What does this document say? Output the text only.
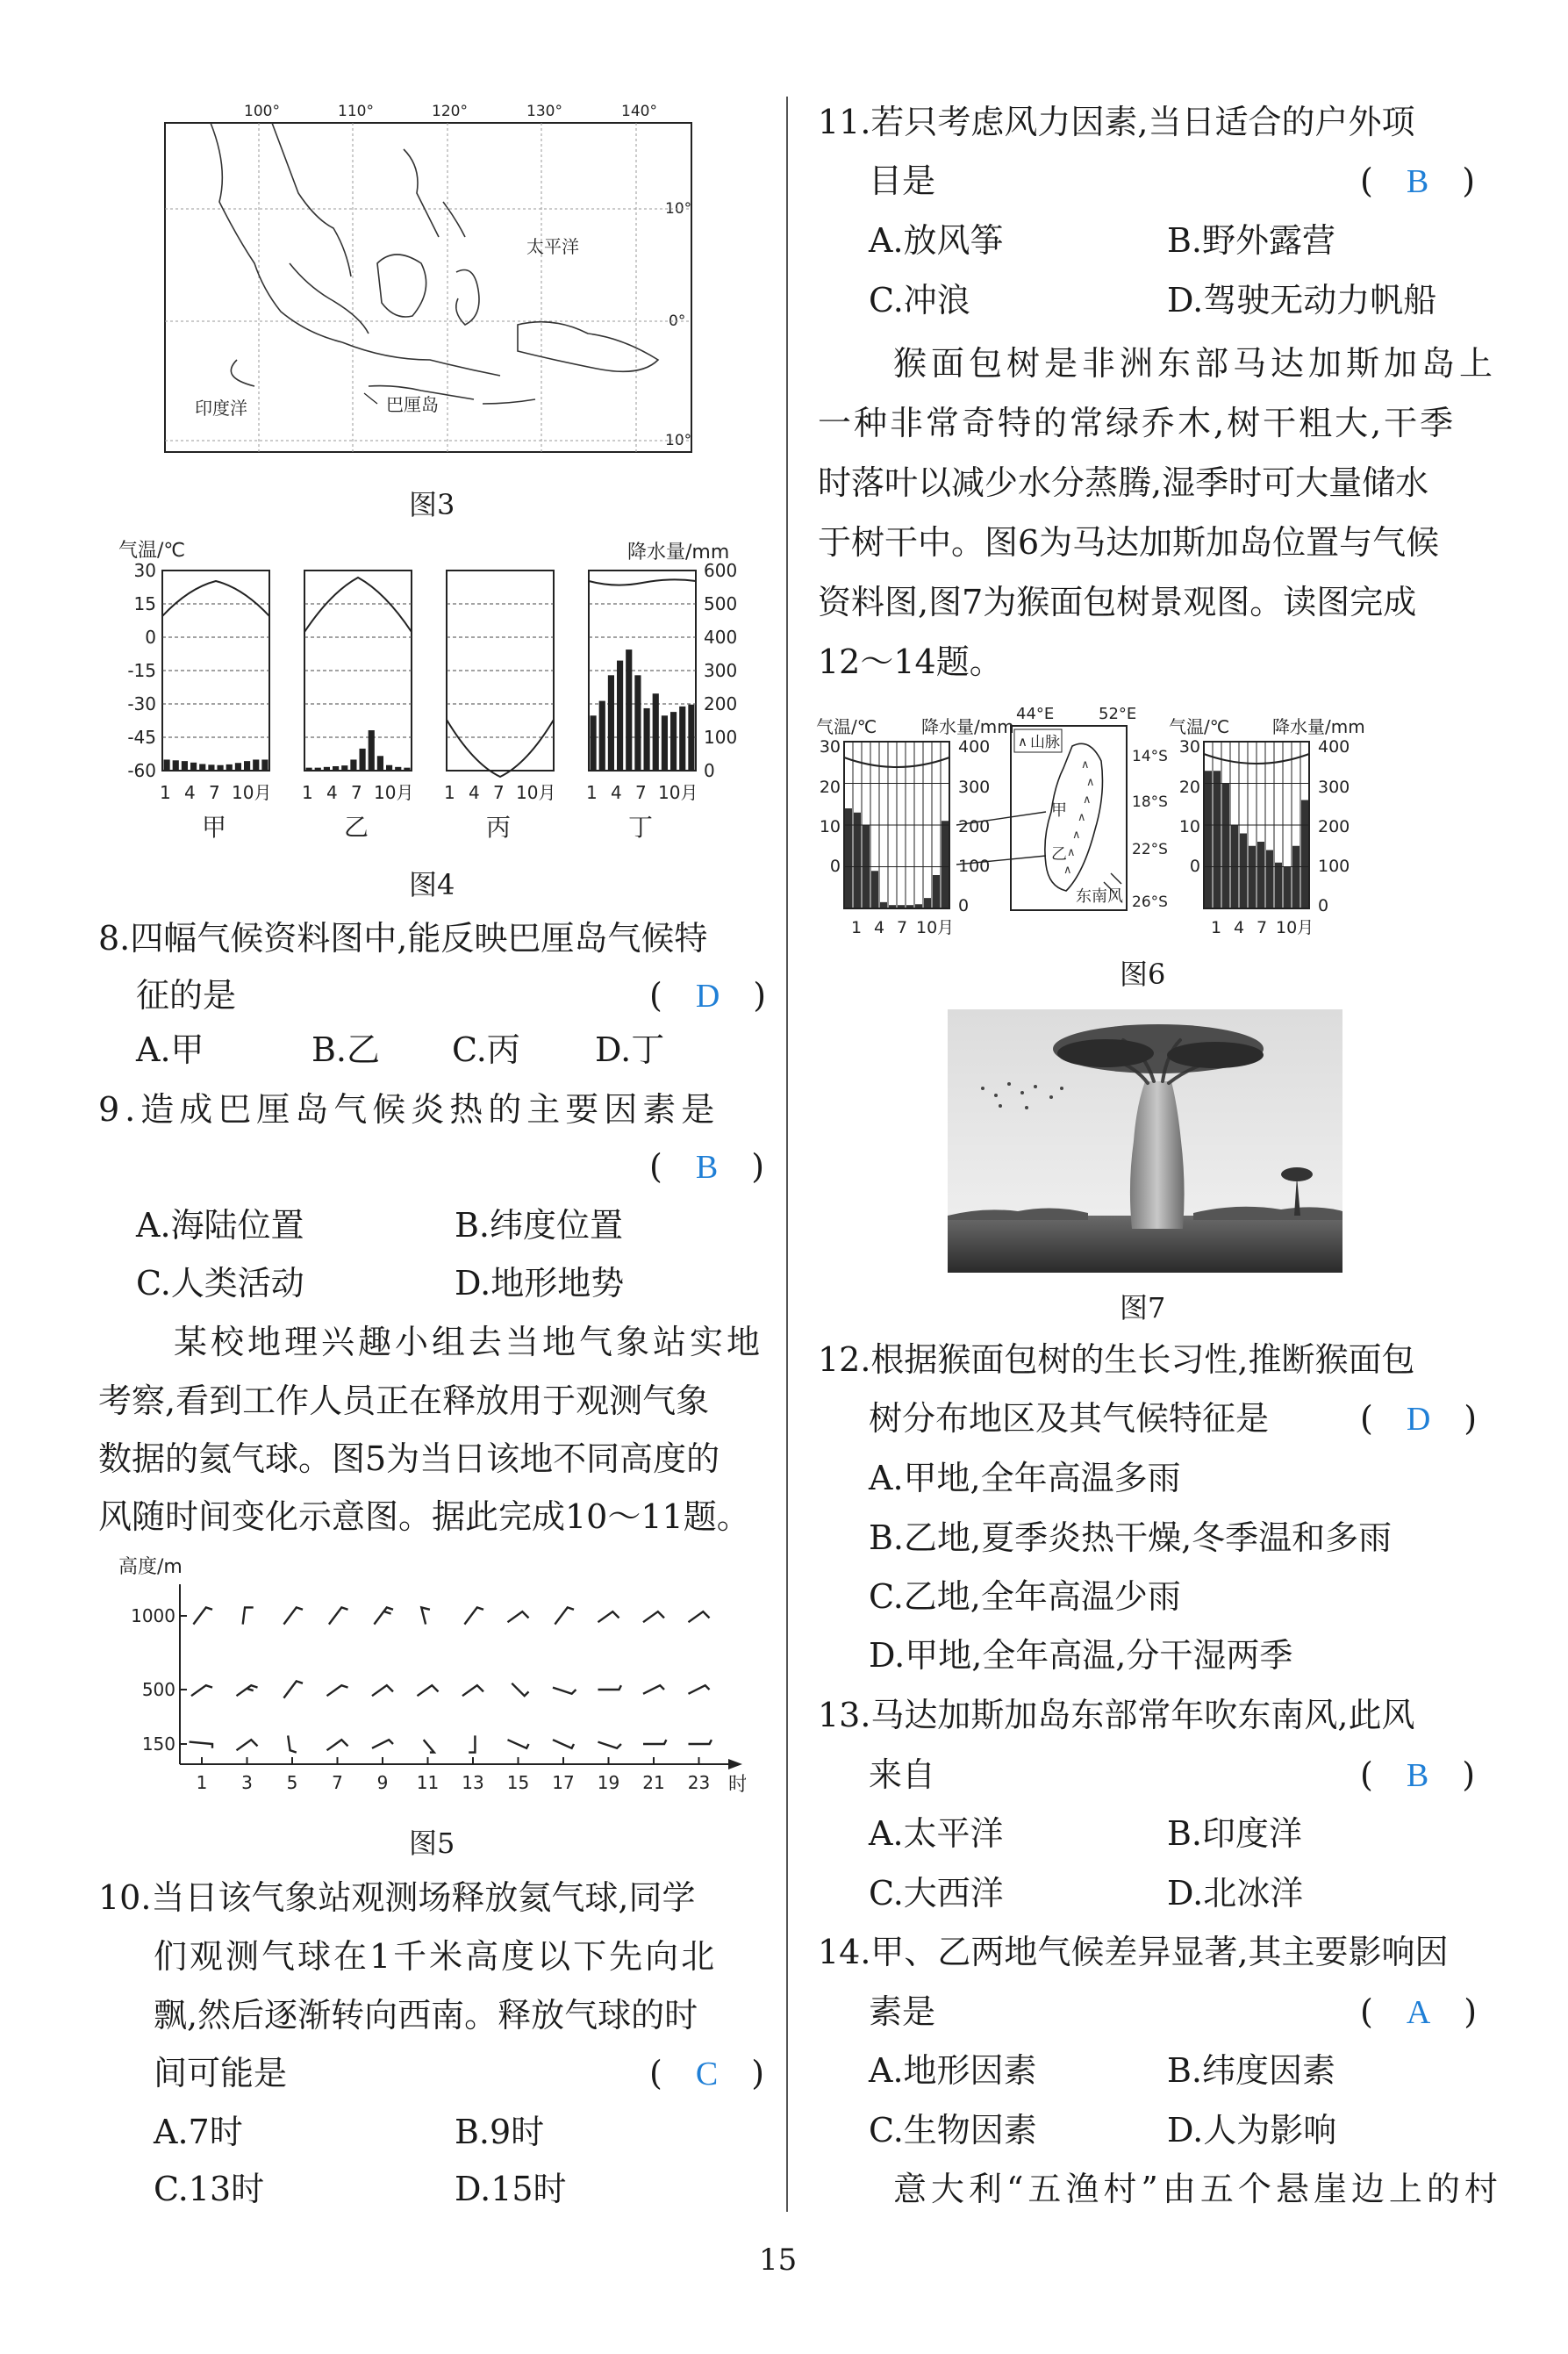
100°	110°	120°	130°	140°
10°
0°
10°
太平洋
印度洋	巴厘岛
图3
气温/℃	降水量/mm
30
15
0
-15
-30
-45
-60
600
500
400
300
200
100
0
1 4 7 10月 1 4 7 10月 1 4 7 10月 1 4 7 10月
甲	乙	丙	丁
图4
8.四幅气候资料图中,能反映巴厘岛气候特
征的是	(　D　)
A.甲	B.乙 C.丙 D.丁
9.造成巴厘岛气候炎热的主要因素是
(　B　)
A.海陆位置	B.纬度位置
C.人类活动	D.地形地势
某校地理兴趣小组去当地气象站实地
考察,看到工作人员正在释放用于观测气象
数据的氦气球。图5为当日该地不同高度的
风随时间变化示意图。据此完成10～11题。
高度/m
1000
500
150
1 3 5 7 9 11 13 15 17 19 21 23 时
图5
10.当日该气象站观测场释放氦气球,同学
们观测气球在1千米高度以下先向北
飘,然后逐渐转向西南。释放气球的时
间可能是	(　C　)
A.7时	B.9时
C.13时	D.15时
11.若只考虑风力因素,当日适合的户外项
目是	(　B　)
A.放风筝	B.野外露营
C.冲浪	D.驾驶无动力帆船
猴面包树是非洲东部马达加斯加岛上
一种非常奇特的常绿乔木,树干粗大,干季
时落叶以减少水分蒸腾,湿季时可大量储水
于树干中。图6为马达加斯加岛位置与气候
资料图,图7为猴面包树景观图。读图完成
12～14题。
气温/℃	降水量/mm
30
20
10
0
400
300
200
100
0
1 4 7 10月
44°E	52°E
∧ 山脉
∧
∧
∧
∧
∧
∧
∧
甲
乙
东南风
14°S
18°S
22°S
26°S
气温/℃ 降水量/mm
30
20
10
0
400
300
200
100
0
1 4 7 10月
图6
图7
12.根据猴面包树的生长习性,推断猴面包
树分布地区及其气候特征是	(　D　)
A.甲地,全年高温多雨
B.乙地,夏季炎热干燥,冬季温和多雨
C.乙地,全年高温少雨
D.甲地,全年高温,分干湿两季
13.马达加斯加岛东部常年吹东南风,此风
来自	(　B　)
A.太平洋	B.印度洋
C.大西洋	D.北冰洋
14.甲、乙两地气候差异显著,其主要影响因
素是	(　A　)
A.地形因素	B.纬度因素
C.生物因素	D.人为影响
意大利“五渔村”由五个悬崖边上的村
15
